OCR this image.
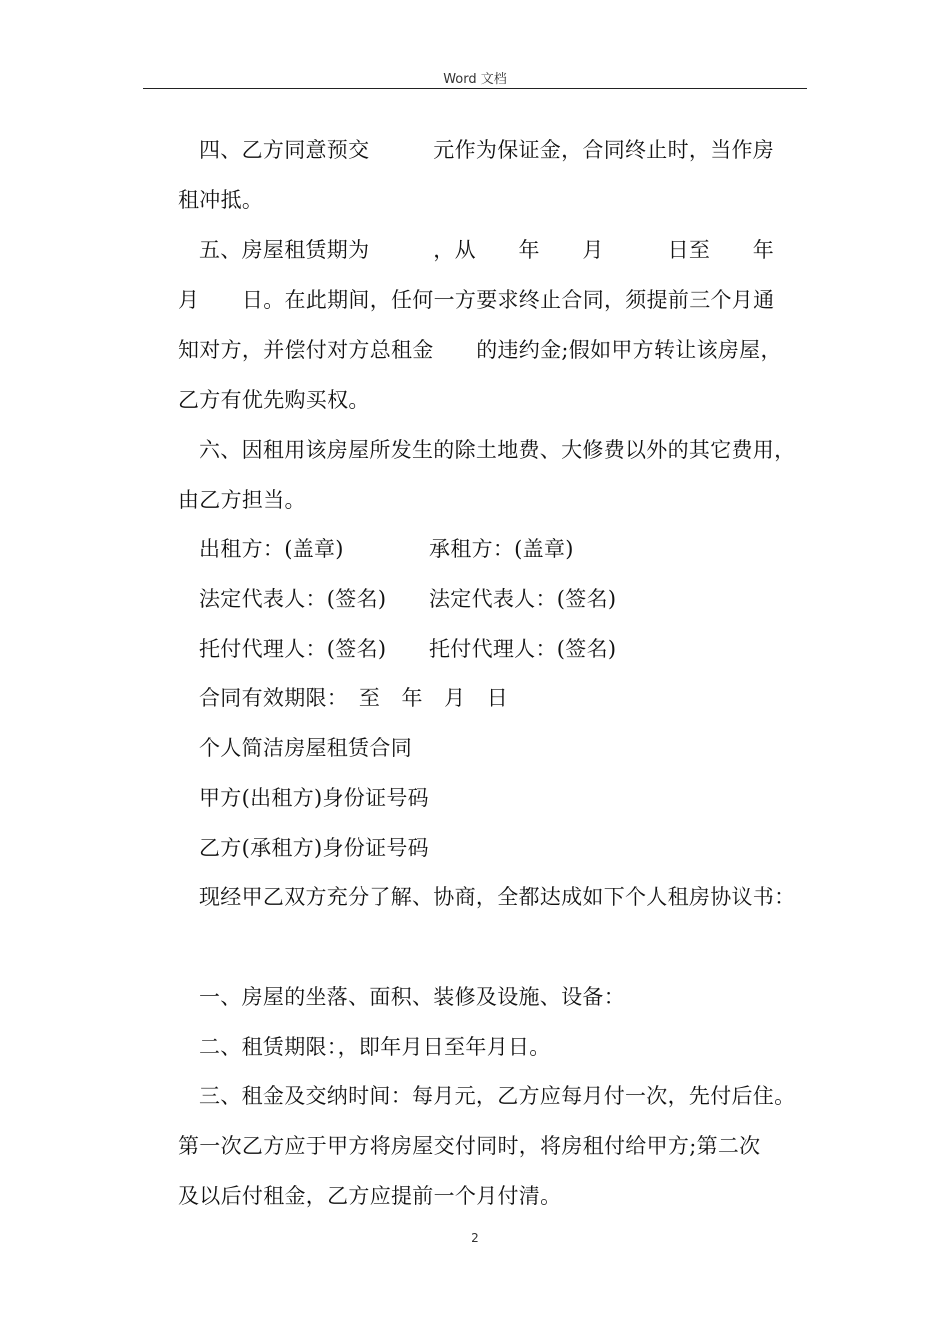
Word 文档
四、乙方同意预交　　　元作为保证金，合同终止时，当作房
租冲抵。
五、房屋租赁期为　　　，从　　年　　月　　　日至　　年
月　　日。在此期间，任何一方要求终止合同，须提前三个月通
知对方，并偿付对方总租金　　的违约金;假如甲方转让该房屋，
乙方有优先购买权。
六、因租用该房屋所发生的除土地费、大修费以外的其它费用，
由乙方担当。
出租方：(盖章)　　　　承租方：(盖章)
法定代表人：(签名)　　法定代表人：(签名)
托付代理人：(签名)　　托付代理人：(签名)
合同有效期限：　至　年　月　日
个人简洁房屋租赁合同
甲方(出租方)身份证号码
乙方(承租方)身份证号码
现经甲乙双方充分了解、协商，全都达成如下个人租房协议书：
一、房屋的坐落、面积、装修及设施、设备：
二、租赁期限：，即年月日至年月日。
三、租金及交纳时间：每月元，乙方应每月付一次，先付后住。
第一次乙方应于甲方将房屋交付同时，将房租付给甲方;第二次
及以后付租金，乙方应提前一个月付清。
2
